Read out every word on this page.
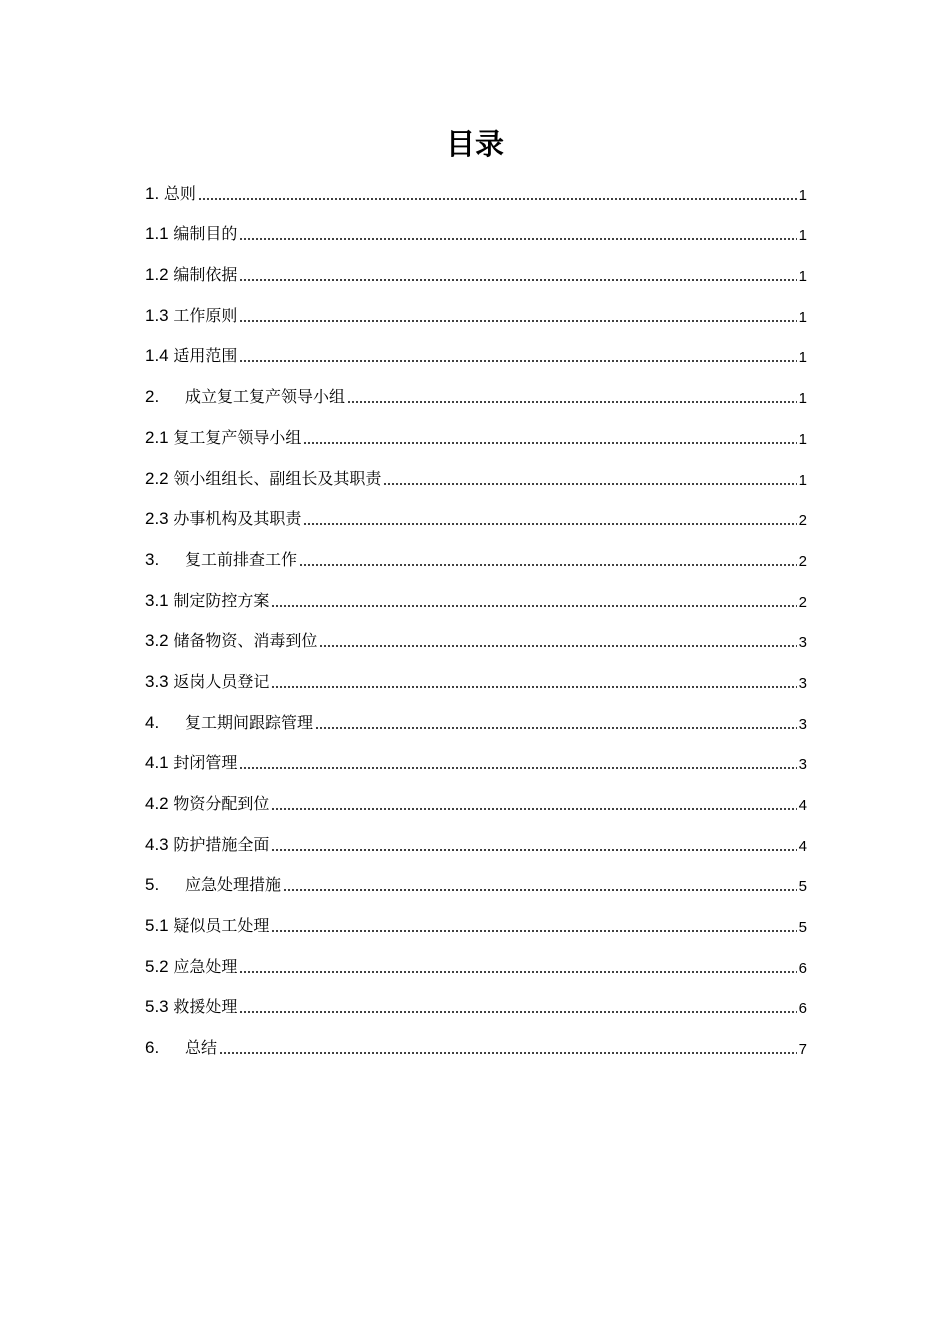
目录
1. 总则	1
1.1 编制目的	1
1.2 编制依据	1
1.3 工作原则	1
1.4 适用范围	1
2.	成立复工复产领导小组	1
2.1 复工复产领导小组	1
2.2 领小组组长、副组长及其职责	1
2.3 办事机构及其职责	2
3.	复工前排查工作	2
3.1 制定防控方案	2
3.2 储备物资、消毒到位	3
3.3 返岗人员登记	3
4.	复工期间跟踪管理	3
4.1 封闭管理	3
4.2 物资分配到位	4
4.3 防护措施全面	4
5.	应急处理措施	5
5.1 疑似员工处理	5
5.2 应急处理	6
5.3 救援处理	6
6.	总结	7
